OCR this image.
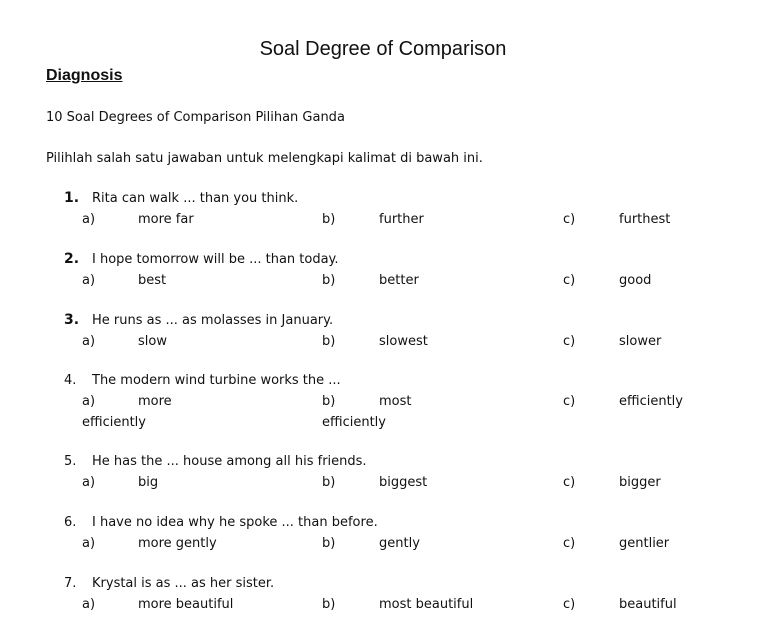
Soal Degree of Comparison
Diagnosis
10 Soal Degrees of Comparison Pilihan Ganda
Pilihlah salah satu jawaban untuk melengkapi kalimat di bawah ini.
1. Rita can walk ... than you think.
a)	more far	b)	further	c)	furthest
2. I hope tomorrow will be ... than today.
a)	best	b)	better	c)	good
3. He runs as ... as molasses in January.
a)	slow	b)	slowest	c)	slower
4. The modern wind turbine works the ...
a)	more
efficiently
b)	most
efficiently
c)	efficiently
5. He has the ... house among all his friends.
a)	big	b)	biggest	c)	bigger
6. I have no idea why he spoke ... than before.
a)	more gently	b)	gently	c)	gentlier
7. Krystal is as ... as her sister.
a)	more beautiful	b)	most beautiful	c)	beautiful
